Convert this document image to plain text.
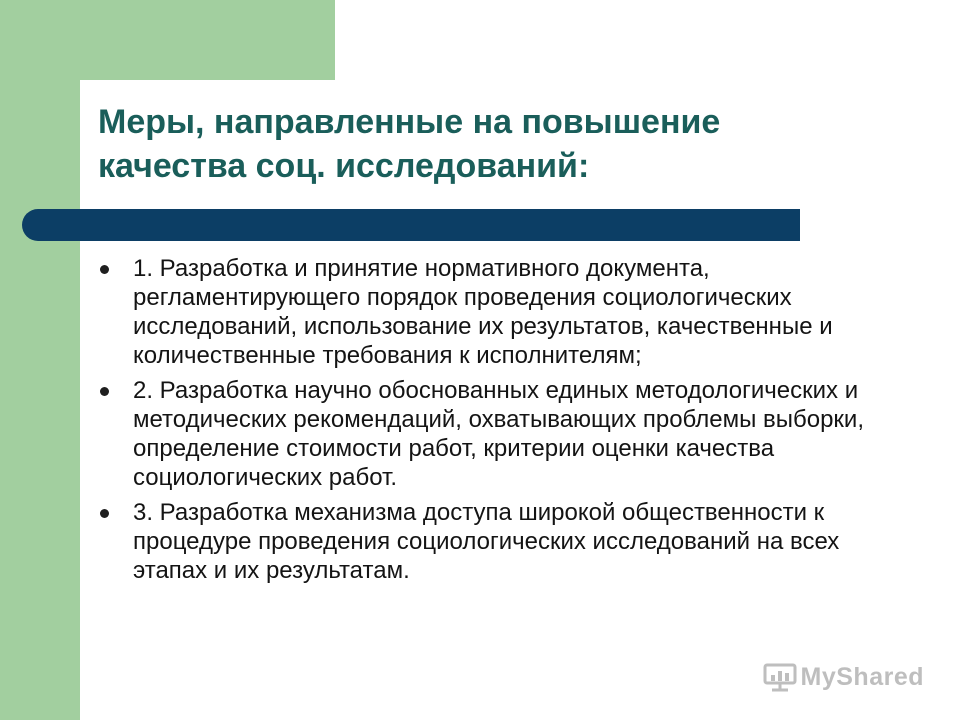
Меры, направленные на повышение
качества соц. исследований:
1. Разработка и принятие нормативного документа, регламентирующего порядок проведения социологических исследований, использование их результатов, качественные и количественные требования к исполнителям;
2. Разработка научно обоснованных единых методологических и методических рекомендаций, охватывающих проблемы выборки, определение стоимости работ, критерии оценки качества социологических работ.
3. Разработка механизма доступа широкой общественности к процедуре проведения социологических исследований на всех этапах и их результатам.
MyShared
